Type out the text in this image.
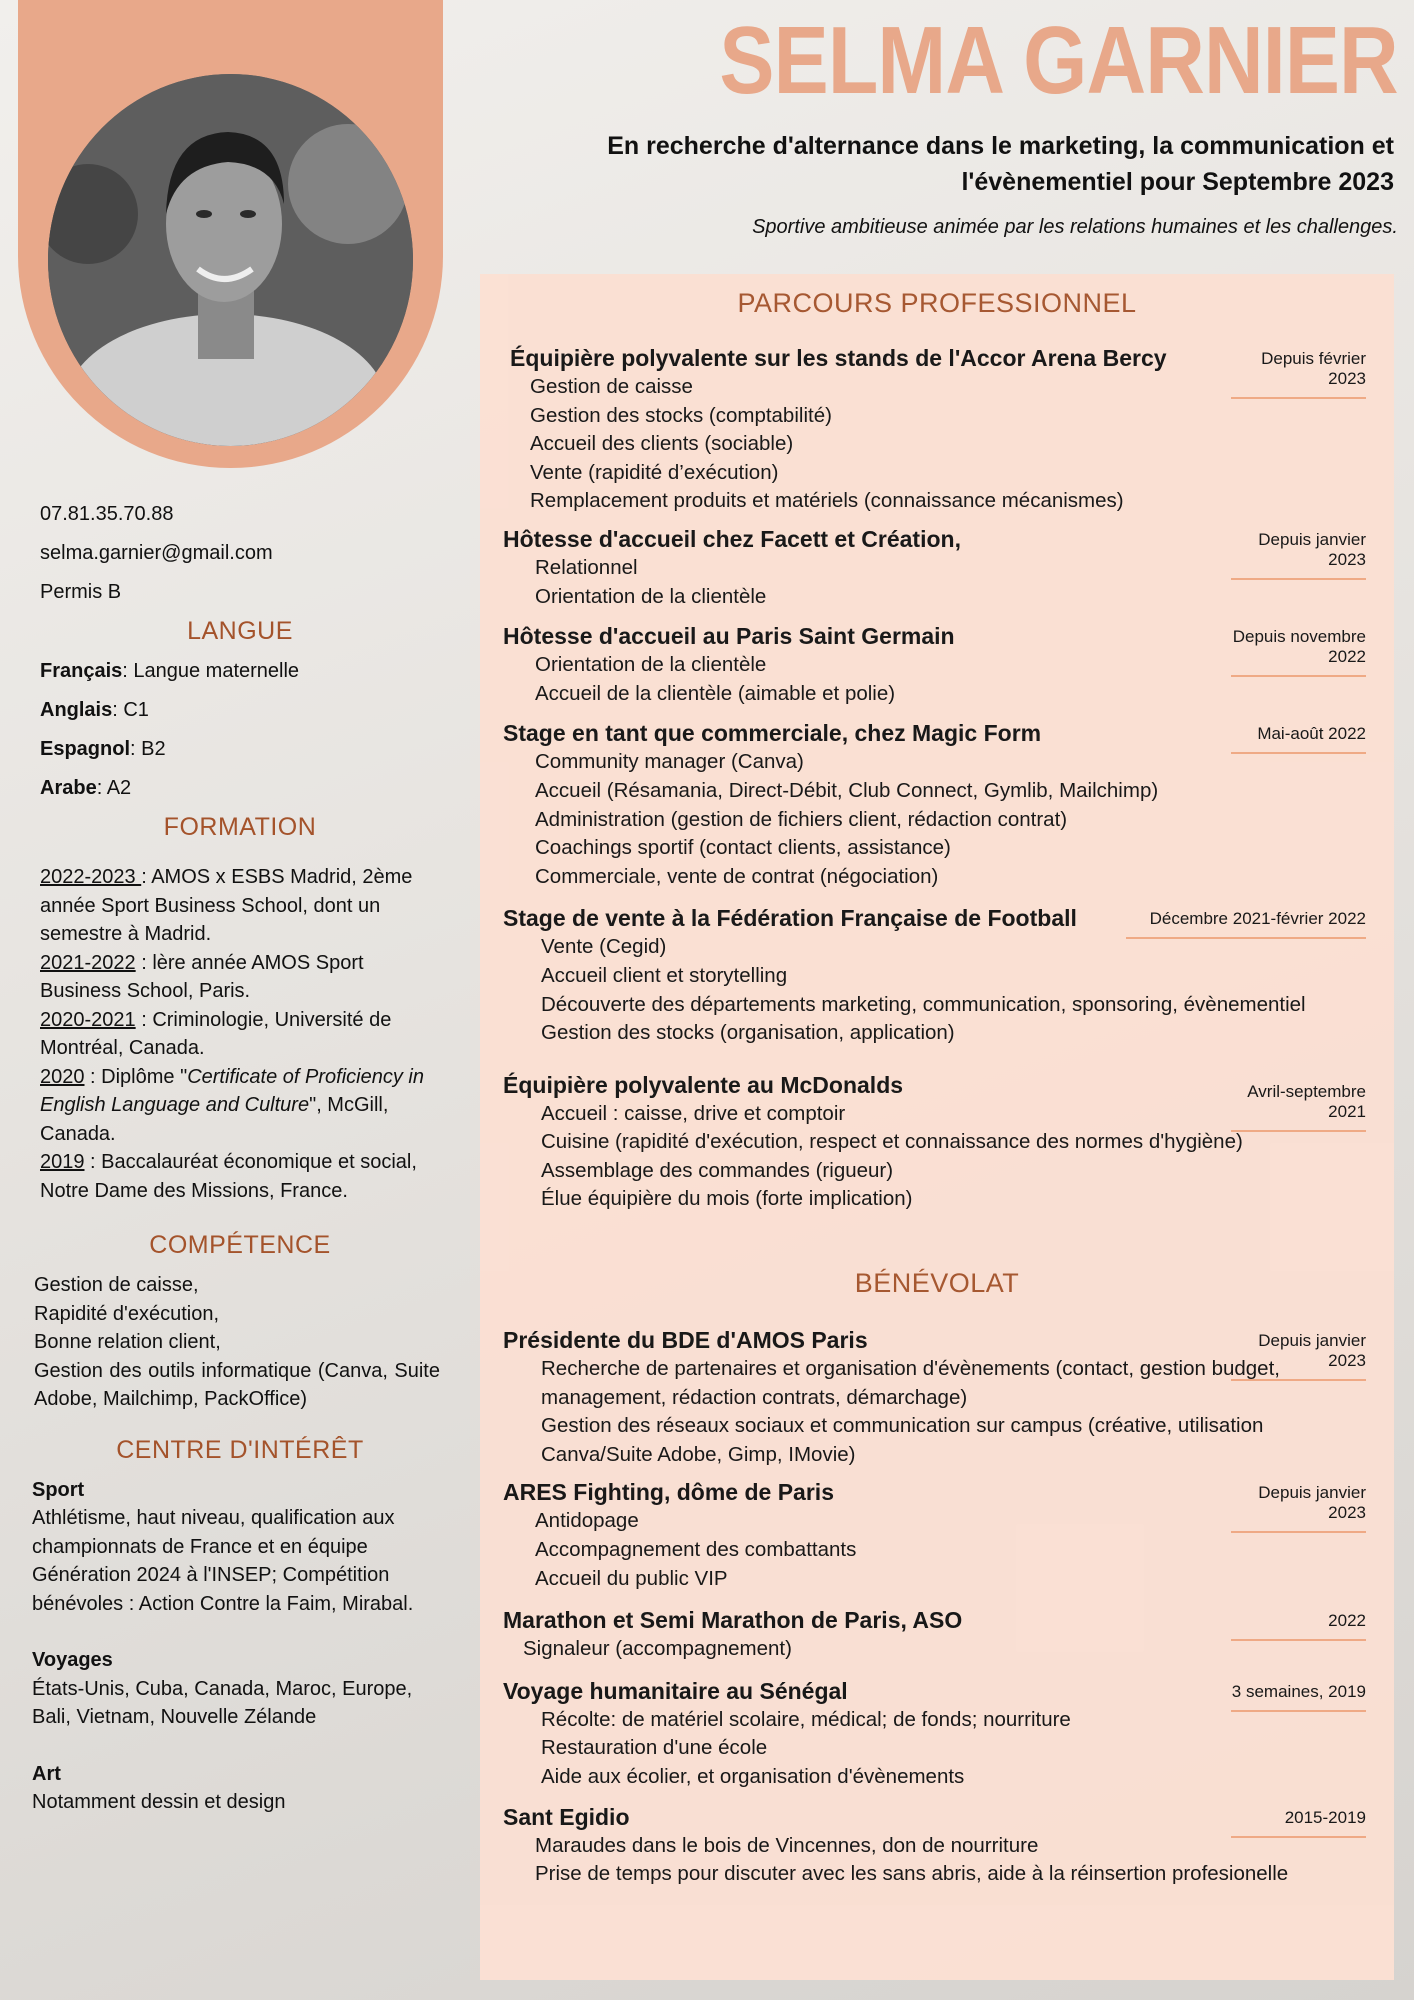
07.81.35.70.88
selma.garnier@gmail.com
Permis B
LANGUE
Français: Langue maternelle
Anglais: C1
Espagnol: B2
Arabe: A2
FORMATION
2022-2023 : AMOS x ESBS Madrid, 2ème année Sport Business School, dont un semestre à Madrid.
2021-2022 : lère année AMOS Sport Business School, Paris.
2020-2021 : Criminologie, Université de Montréal, Canada.
2020 : Diplôme "Certificate of Proficiency in English Language and Culture", McGill, Canada.
2019 : Baccalauréat économique et social, Notre Dame des Missions, France.
COMPÉTENCE
Gestion de caisse,
Rapidité d'exécution,
Bonne relation client,
Gestion des outils informatique (Canva, Suite Adobe, Mailchimp, PackOffice)
CENTRE D'INTÉRÊT
Sport
Athlétisme, haut niveau, qualification aux championnats de France et en équipe Génération 2024 à l'INSEP; Compétition bénévoles : Action Contre la Faim, Mirabal.
Voyages
États-Unis, Cuba, Canada, Maroc, Europe, Bali, Vietnam, Nouvelle Zélande
Art
Notamment dessin et design
SELMA GARNIER
En recherche d'alternance dans le marketing, la communication et l'évènementiel pour Septembre 2023
Sportive ambitieuse animée par les relations humaines et les challenges.
PARCOURS PROFESSIONNEL
Équipière polyvalente sur les stands de l'Accor Arena Bercy	Depuis février 2023
Gestion de caisse
Gestion des stocks (comptabilité)
Accueil des clients (sociable)
Vente (rapidité d’exécution)
Remplacement produits et matériels (connaissance mécanismes)
Hôtesse d'accueil chez Facett et Création,	Depuis janvier 2023
Relationnel
Orientation de la clientèle
Hôtesse d'accueil au Paris Saint Germain	Depuis novembre 2022
Orientation de la clientèle
Accueil de la clientèle (aimable et polie)
Stage en tant que commerciale, chez Magic Form	Mai-août 2022
Community manager (Canva)
Accueil (Résamania, Direct-Débit, Club Connect, Gymlib, Mailchimp)
Administration (gestion de fichiers client, rédaction contrat)
Coachings sportif (contact clients, assistance)
Commerciale, vente de contrat (négociation)
Stage de vente à la Fédération Française de Football	Décembre 2021-février 2022
Vente (Cegid)
Accueil client et storytelling
Découverte des départements marketing, communication, sponsoring, évènementiel
Gestion des stocks (organisation, application)
Équipière polyvalente au McDonalds	Avril-septembre 2021
Accueil : caisse, drive et comptoir
Cuisine (rapidité d'exécution, respect et connaissance des normes d'hygiène)
Assemblage des commandes (rigueur)
Élue équipière du mois (forte implication)
BÉNÉVOLAT
Présidente du BDE d'AMOS Paris	Depuis janvier 2023
Recherche de partenaires et organisation d'évènements (contact, gestion budget, management, rédaction contrats, démarchage)
Gestion des réseaux sociaux et communication sur campus (créative, utilisation Canva/Suite Adobe, Gimp, IMovie)
ARES Fighting, dôme de Paris	Depuis janvier 2023
Antidopage
Accompagnement des combattants
Accueil du public VIP
Marathon et Semi Marathon de Paris, ASO	2022
Signaleur (accompagnement)
Voyage humanitaire au Sénégal	3 semaines, 2019
Récolte: de matériel scolaire, médical; de fonds; nourriture
Restauration d'une école
Aide aux écolier, et organisation d'évènements
Sant Egidio	2015-2019
Maraudes dans le bois de Vincennes, don de nourriture
Prise de temps pour discuter avec les sans abris, aide à la réinsertion profesionelle
